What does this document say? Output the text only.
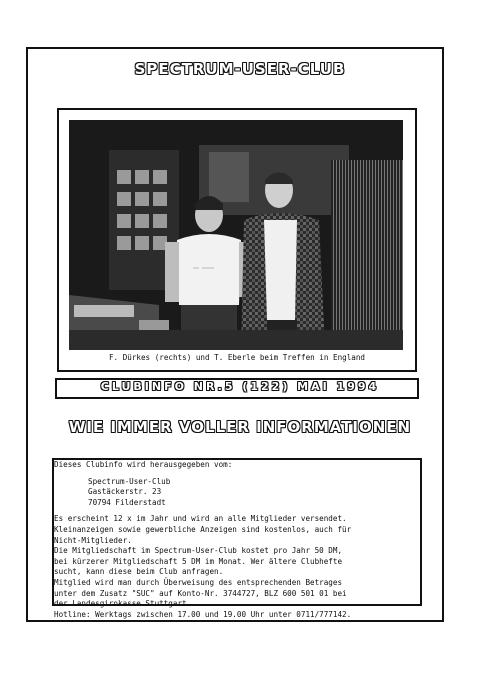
SPECTRUM-USER-CLUB
~~ ~~~~
F. Dürkes (rechts) und T. Eberle beim Treffen in England
CLUBINFO NR.5 (122) MAI 1994
WIE IMMER VOLLER INFORMATIONEN

Dieses Clubinfo wird herausgegeben vom:

Spectrum-User-Club

Gastäckerstr. 23

70794 Filderstadt

Es erscheint 12 x im Jahr und wird an alle Mitglieder versendet.

Kleinanzeigen sowie gewerbliche Anzeigen sind kostenlos, auch für

Nicht-Mitglieder.

Die Mitgliedschaft im Spectrum-User-Club kostet pro Jahr 50 DM,

bei kürzerer Mitgliedschaft 5 DM im Monat. Wer ältere Clubhefte

sucht, kann diese beim Club anfragen.

Mitglied wird man durch Überweisung des entsprechenden Betrages

unter dem Zusatz "SUC" auf Konto-Nr. 3744727, BLZ 600 501 01 bei

der Landesgirokasse Stuttgart.

Hotline: Werktags zwischen 17.00 und 19.00 Uhr unter 0711/777142.
